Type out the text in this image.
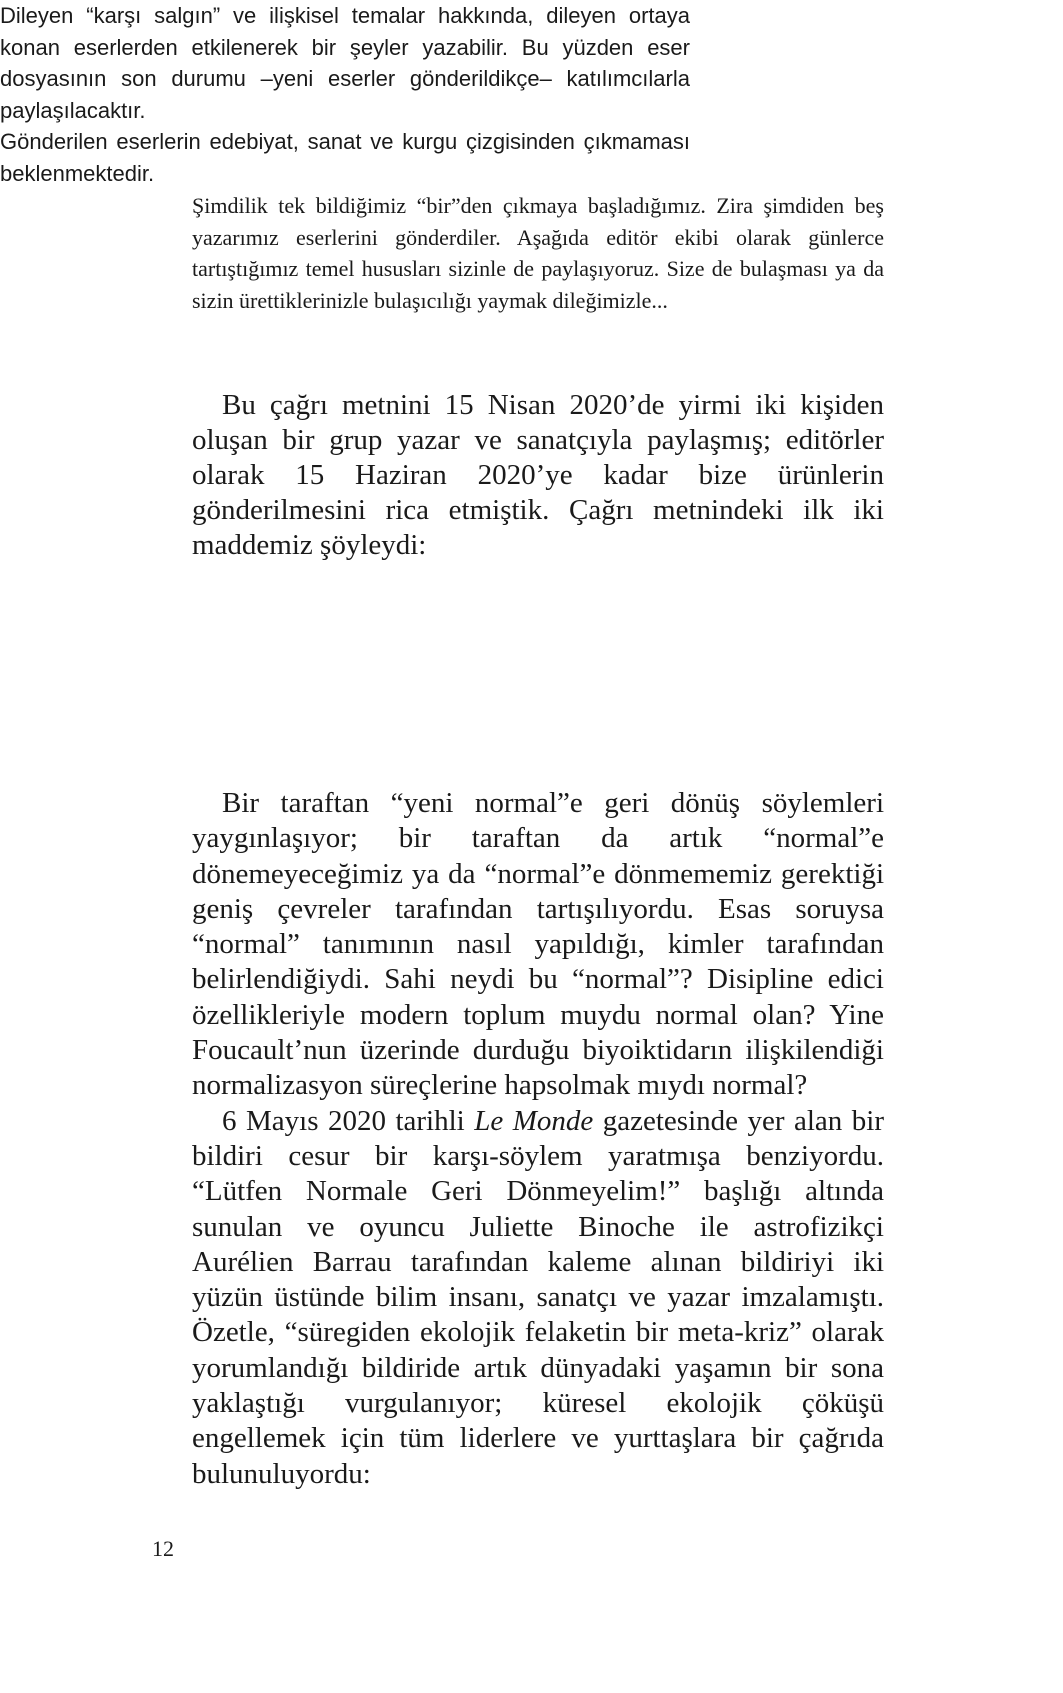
Şimdilik tek bildiğimiz “bir”den çıkmaya başladığımız. Zira şimdiden beş yazarımız eserlerini gönderdiler. Aşağıda editör ekibi olarak günlerce tartıştığımız temel hususları sizinle de paylaşıyoruz. Size de bulaşması ya da sizin ürettiklerinizle bulaşıcılığı yaymak dileğimizle...

Bu çağrı metnini 15 Nisan 2020’de yirmi iki kişiden oluşan bir grup yazar ve sanatçıyla paylaşmış; editörler olarak 15 Haziran 2020’ye kadar bize ürünlerin gönderilmesini rica etmiştik. Çağrı metnindeki ilk iki maddemiz şöyleydi:

Dileyen “karşı salgın” ve ilişkisel temalar hakkında, dileyen ortaya konan eserlerden etkilenerek bir şeyler yazabilir. Bu yüzden eser dosyasının son durumu –yeni eserler gönderildikçe– katılımcılarla paylaşılacaktır.

Gönderilen eserlerin edebiyat, sanat ve kurgu çizgisinden çıkmaması beklenmektedir.

Bir taraftan “yeni normal”e geri dönüş söylemleri yaygınlaşıyor; bir taraftan da artık “normal”e dönemeyeceğimiz ya da “normal”e dönmememiz gerektiği geniş çevreler tarafından tartışılıyordu. Esas soruysa “normal” tanımının nasıl yapıldığı, kimler tarafından belirlendiğiydi. Sahi neydi bu “normal”? Disipline edici özellikleriyle modern toplum muydu normal olan? Yine Foucault’nun üzerinde durduğu biyoiktidarın ilişkilendiği normalizasyon süreçlerine hapsolmak mıydı normal?

6 Mayıs 2020 tarihli Le Monde gazetesinde yer alan bir bildiri cesur bir karşı-söylem yaratmışa benziyordu. “Lütfen Normale Geri Dönmeyelim!” başlığı altında sunulan ve oyuncu Juliette Binoche ile astrofizikçi Aurélien Barrau tarafından kaleme alınan bildiriyi iki yüzün üstünde bilim insanı, sanatçı ve yazar imzalamıştı. Özetle, “süregiden ekolojik felaketin bir meta-kriz” olarak yorumlandığı bildiride artık dünyadaki yaşamın bir sona yaklaştığı vurgulanıyor; küresel ekolojik çöküşü engellemek için tüm liderlere ve yurttaşlara bir çağrıda bulunuluyordu:

12
